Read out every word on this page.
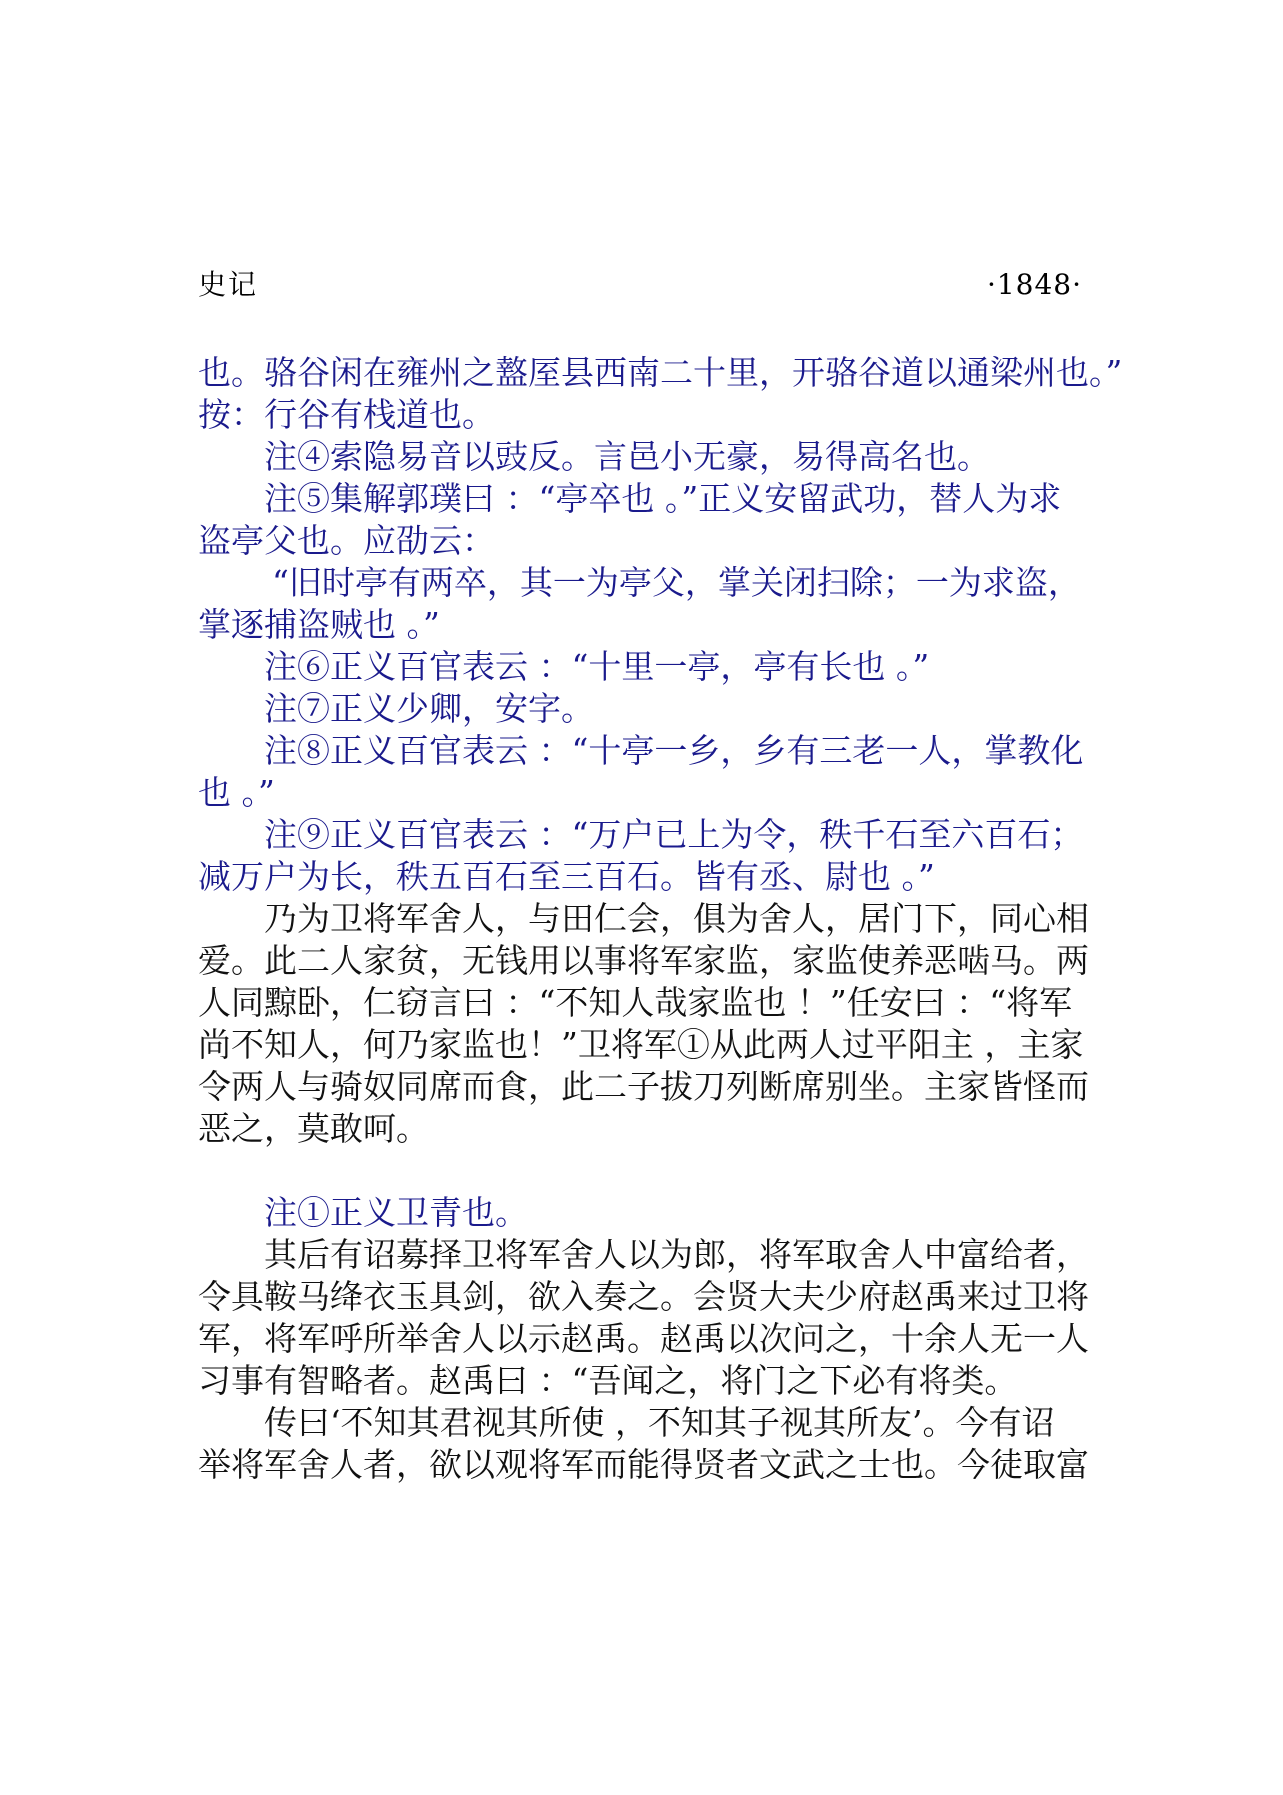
史记	·1848·
也。骆谷闲在雍州之盩厔县西南二十里，开骆谷道以通梁州也。”
按：行谷有栈道也。
注④索隐易音以豉反。言邑小无豪，易得高名也。
注⑤集解郭璞曰 ：“亭卒也 。”正义安留武功，替人为求
盗亭父也。应劭云：
“旧时亭有两卒，其一为亭父，掌关闭扫除；一为求盗，
掌逐捕盗贼也 。”
注⑥正义百官表云 ：“十里一亭，亭有长也 。”
注⑦正义少卿，安字。
注⑧正义百官表云 ：“十亭一乡，乡有三老一人，掌教化
也 。”
注⑨正义百官表云 ：“万户已上为令，秩千石至六百石；
减万户为长，秩五百石至三百石。皆有丞、尉也 。”
乃为卫将军舍人，与田仁会，俱为舍人，居门下，同心相
爱。此二人家贫，无钱用以事将军家监，家监使养恶啮马。两
人同黥卧，仁窃言曰 ：“不知人哉家监也 ！”任安曰 ：“将军
尚不知人，何乃家监也！”卫将军①从此两人过平阳主 ，主家
令两人与骑奴同席而食，此二子拔刀列断席别坐。主家皆怪而
恶之，莫敢呵。
注①正义卫青也。
其后有诏募择卫将军舍人以为郎，将军取舍人中富给者，
令具鞍马绛衣玉具剑，欲入奏之。会贤大夫少府赵禹来过卫将
军，将军呼所举舍人以示赵禹。赵禹以次问之，十余人无一人
习事有智略者。赵禹曰 ：“吾闻之，将门之下必有将类。
传曰‘不知其君视其所使 ，不知其子视其所友’。今有诏
举将军舍人者，欲以观将军而能得贤者文武之士也。今徒取富
